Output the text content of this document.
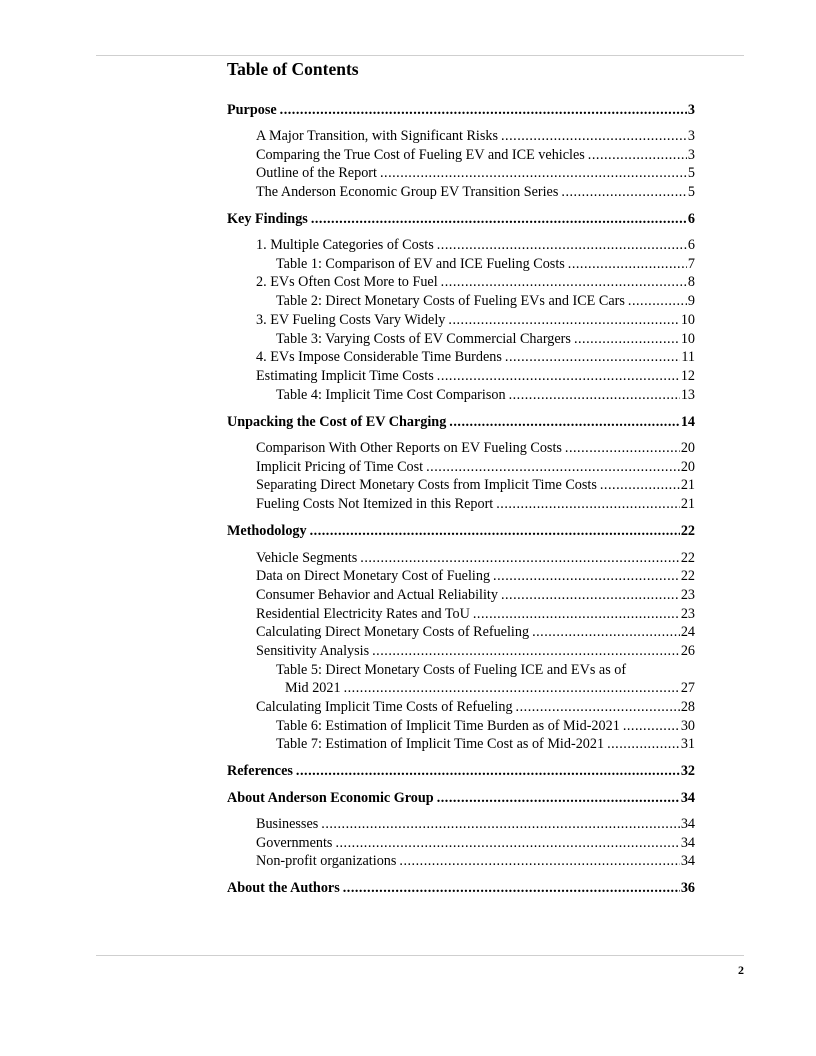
Table of Contents
Purpose .....	3
A Major Transition, with Significant Risks .....	3
Comparing the True Cost of Fueling EV and ICE vehicles .....	3
Outline of the Report .....	5
The Anderson Economic Group EV Transition Series .....	5
Key Findings .....	6
1. Multiple Categories of Costs .....	6
Table 1: Comparison of EV and ICE Fueling Costs .....	7
2. EVs Often Cost More to Fuel .....	8
Table 2: Direct Monetary Costs of Fueling EVs and ICE Cars .....	9
3. EV Fueling Costs Vary Widely .....	10
Table 3: Varying Costs of EV Commercial Chargers .....	10
4. EVs Impose Considerable Time Burdens .....	11
Estimating Implicit Time Costs .....	12
Table 4: Implicit Time Cost Comparison .....	13
Unpacking the Cost of EV Charging .....	14
Comparison With Other Reports on EV Fueling Costs .....	20
Implicit Pricing of Time Cost .....	20
Separating Direct Monetary Costs from Implicit Time Costs .....	21
Fueling Costs Not Itemized in this Report .....	21
Methodology .....	22
Vehicle Segments .....	22
Data on Direct Monetary Cost of Fueling .....	22
Consumer Behavior and Actual Reliability .....	23
Residential Electricity Rates and ToU .....	23
Calculating Direct Monetary Costs of Refueling .....	24
Sensitivity Analysis .....	26
Table 5: Direct Monetary Costs of Fueling ICE and EVs as of
Mid 2021 .....	27
Calculating Implicit Time Costs of Refueling .....	28
Table 6: Estimation of Implicit Time Burden as of Mid-2021 .....	30
Table 7: Estimation of Implicit Time Cost as of Mid-2021 .....	31
References .....	32
About Anderson Economic Group .....	34
Businesses .....	34
Governments .....	34
Non-profit organizations .....	34
About the Authors .....	36
2
